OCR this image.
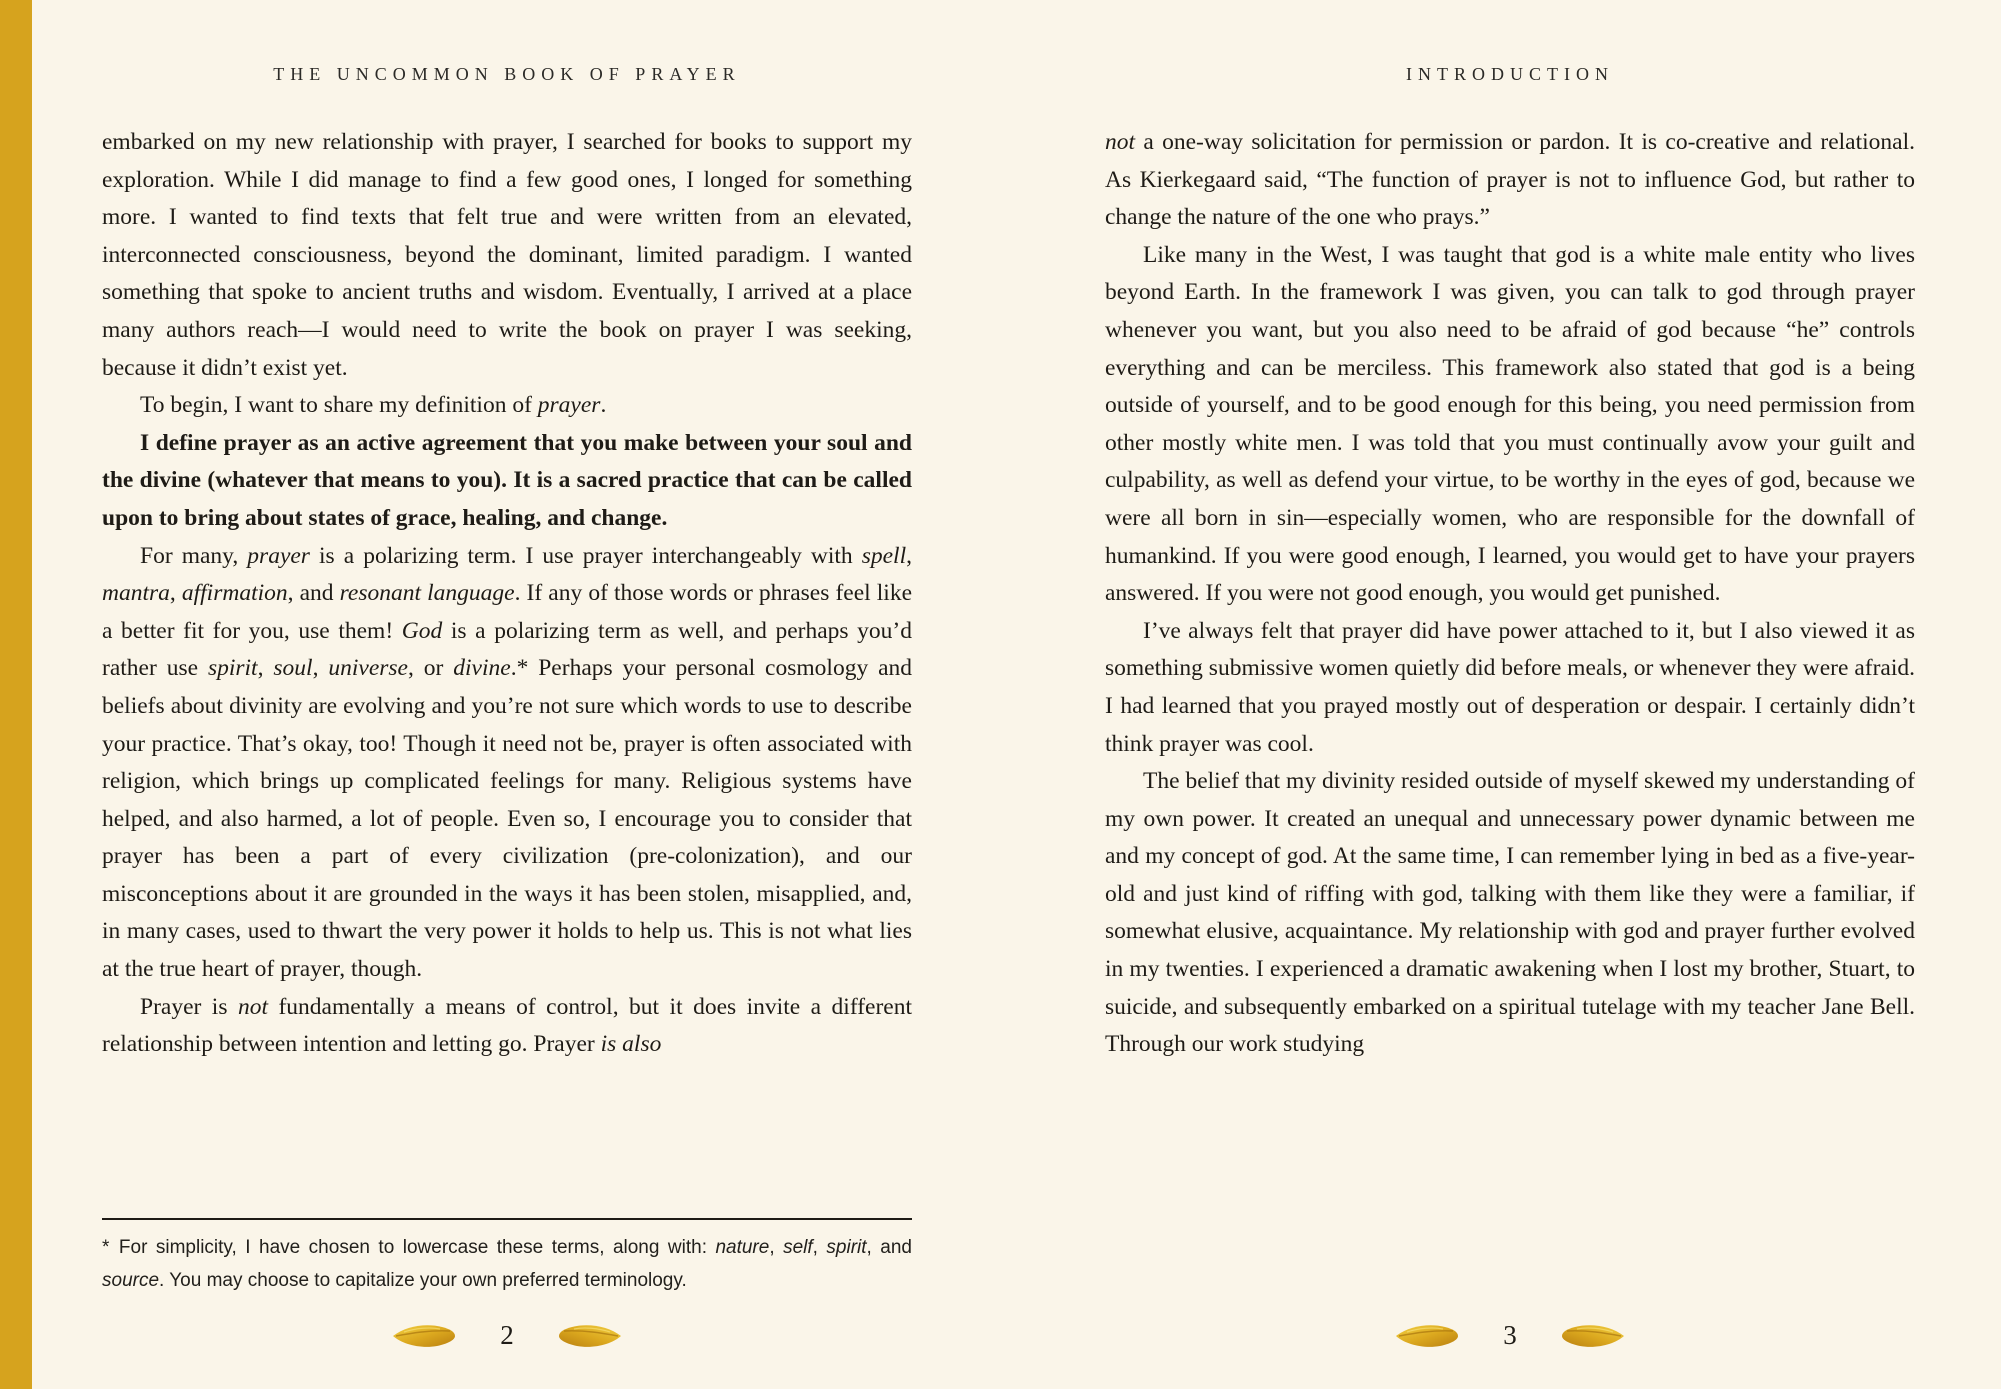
THE UNCOMMON BOOK OF PRAYER

embarked on my new relationship with prayer, I searched for books to support my exploration. While I did manage to find a few good ones, I longed for something more. I wanted to find texts that felt true and were written from an elevated, interconnected consciousness, beyond the dominant, limited paradigm. I wanted something that spoke to ancient truths and wisdom. Eventually, I arrived at a place many authors reach—I would need to write the book on prayer I was seeking, because it didn’t exist yet.

To begin, I want to share my definition of prayer.

I define prayer as an active agreement that you make between your soul and the divine (whatever that means to you). It is a sacred practice that can be called upon to bring about states of grace, healing, and change.

For many, prayer is a polarizing term. I use prayer interchangeably with spell, mantra, affirmation, and resonant language. If any of those words or phrases feel like a better fit for you, use them! God is a polarizing term as well, and perhaps you’d rather use spirit, soul, universe, or divine.* Perhaps your personal cosmology and beliefs about divinity are evolving and you’re not sure which words to use to describe your practice. That’s okay, too! Though it need not be, prayer is often associated with religion, which brings up complicated feelings for many. Religious systems have helped, and also harmed, a lot of people. Even so, I encourage you to consider that prayer has been a part of every civilization (pre-colonization), and our misconceptions about it are grounded in the ways it has been stolen, misapplied, and, in many cases, used to thwart the very power it holds to help us. This is not what lies at the true heart of prayer, though.

Prayer is not fundamentally a means of control, but it does invite a different relationship between intention and letting go. Prayer is also

* For simplicity, I have chosen to lowercase these terms, along with: nature, self, spirit, and source. You may choose to capitalize your own preferred terminology.

2
INTRODUCTION

not a one-way solicitation for permission or pardon. It is co-creative and relational. As Kierkegaard said, “The function of prayer is not to influence God, but rather to change the nature of the one who prays.”

Like many in the West, I was taught that god is a white male entity who lives beyond Earth. In the framework I was given, you can talk to god through prayer whenever you want, but you also need to be afraid of god because “he” controls everything and can be merciless. This framework also stated that god is a being outside of yourself, and to be good enough for this being, you need permission from other mostly white men. I was told that you must continually avow your guilt and culpability, as well as defend your virtue, to be worthy in the eyes of god, because we were all born in sin—especially women, who are responsible for the downfall of humankind. If you were good enough, I learned, you would get to have your prayers answered. If you were not good enough, you would get punished.

I’ve always felt that prayer did have power attached to it, but I also viewed it as something submissive women quietly did before meals, or whenever they were afraid. I had learned that you prayed mostly out of desperation or despair. I certainly didn’t think prayer was cool.

The belief that my divinity resided outside of myself skewed my understanding of my own power. It created an unequal and unnecessary power dynamic between me and my concept of god. At the same time, I can remember lying in bed as a five-year-old and just kind of riffing with god, talking with them like they were a familiar, if somewhat elusive, acquaintance. My relationship with god and prayer further evolved in my twenties. I experienced a dramatic awakening when I lost my brother, Stuart, to suicide, and subsequently embarked on a spiritual tutelage with my teacher Jane Bell. Through our work studying

3
